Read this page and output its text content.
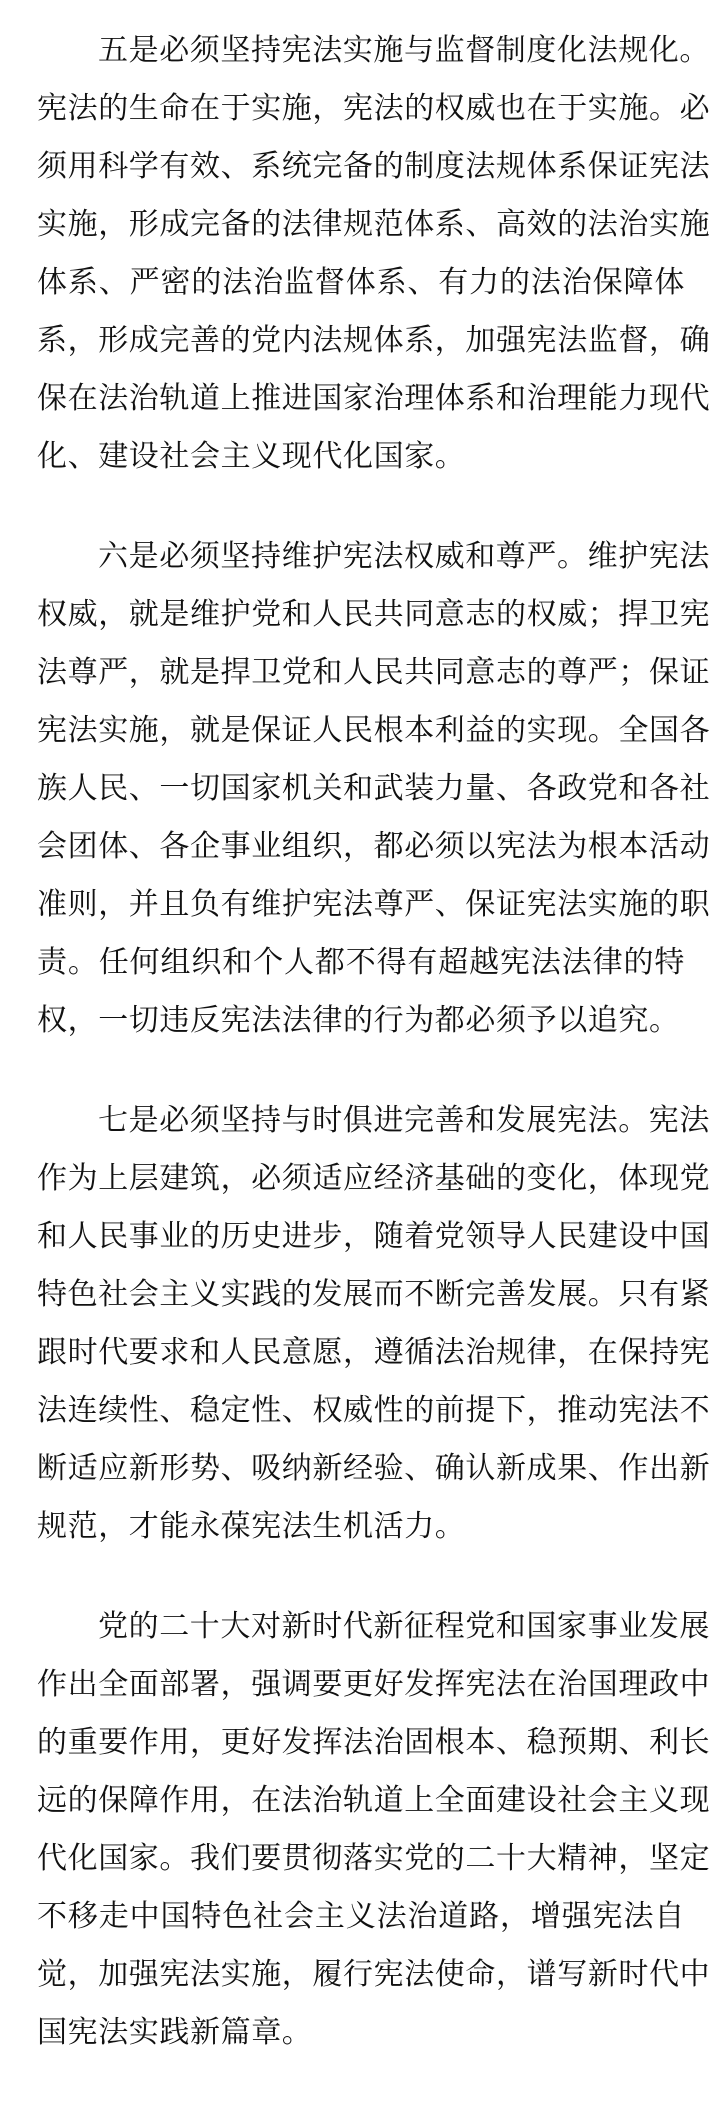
五是必须坚持宪法实施与监督制度化法规化。
宪法的生命在于实施，宪法的权威也在于实施。必
须用科学有效、系统完备的制度法规体系保证宪法
实施，形成完备的法律规范体系、高效的法治实施
体系、严密的法治监督体系、有力的法治保障体
系，形成完善的党内法规体系，加强宪法监督，确
保在法治轨道上推进国家治理体系和治理能力现代
化、建设社会主义现代化国家。

六是必须坚持维护宪法权威和尊严。维护宪法
权威，就是维护党和人民共同意志的权威；捍卫宪
法尊严，就是捍卫党和人民共同意志的尊严；保证
宪法实施，就是保证人民根本利益的实现。全国各
族人民、一切国家机关和武装力量、各政党和各社
会团体、各企事业组织，都必须以宪法为根本活动
准则，并且负有维护宪法尊严、保证宪法实施的职
责。任何组织和个人都不得有超越宪法法律的特
权，一切违反宪法法律的行为都必须予以追究。

七是必须坚持与时俱进完善和发展宪法。宪法
作为上层建筑，必须适应经济基础的变化，体现党
和人民事业的历史进步，随着党领导人民建设中国
特色社会主义实践的发展而不断完善发展。只有紧
跟时代要求和人民意愿，遵循法治规律，在保持宪
法连续性、稳定性、权威性的前提下，推动宪法不
断适应新形势、吸纳新经验、确认新成果、作出新
规范，才能永葆宪法生机活力。

党的二十大对新时代新征程党和国家事业发展
作出全面部署，强调要更好发挥宪法在治国理政中
的重要作用，更好发挥法治固根本、稳预期、利长
远的保障作用，在法治轨道上全面建设社会主义现
代化国家。我们要贯彻落实党的二十大精神，坚定
不移走中国特色社会主义法治道路，增强宪法自
觉，加强宪法实施，履行宪法使命，谱写新时代中
国宪法实践新篇章。
